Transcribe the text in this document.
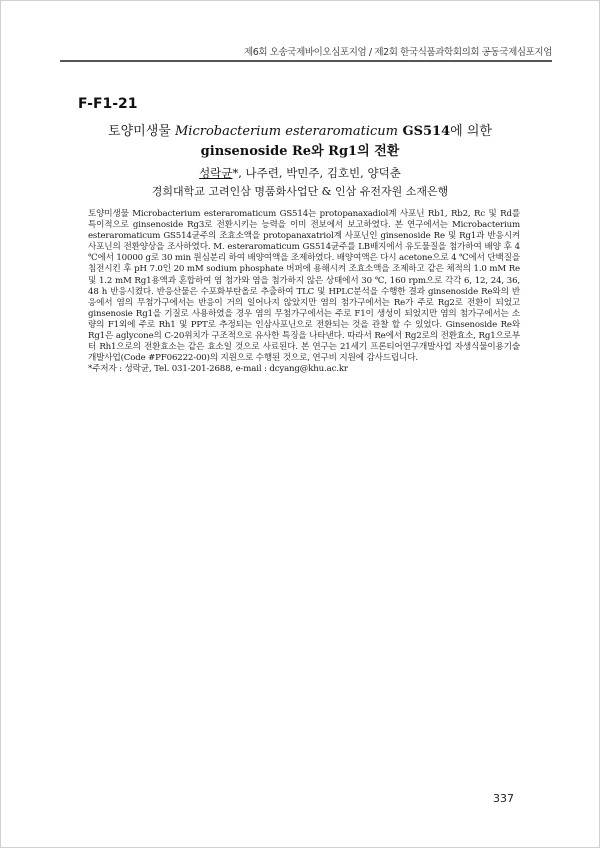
제6회 오송국제바이오심포지엄 / 제2회 한국식품과학회의회 공동국제심포지엄
F-F1-21
토양미생물 Microbacterium esteraromaticum GS514에 의한
ginsenoside Re와 Rg1의 전환
성락균*, 나주련, 박민주, 김호빈, 양덕춘
경희대학교 고려인삼 명품화사업단 & 인삼 유전자원 소재은행

토양미생물 Microbacterium esteraromaticum GS514는 protopanaxadiol계 사포닌 Rb1, Rb2, Rc 및 Rd를 특이적으로 ginsenoside Rg3로 전환시키는 능력을 이미 전보에서 보고하였다. 본 연구에서는 Microbacterium esteraromaticum GS514균주의 조효소액을 protopanaxatriol계 사포닌인 ginsenoside Re 및 Rg1과 반응시켜 사포닌의 전환양상을 조사하였다. M. esteraromaticum GS514균주를 LB배지에서 유도물질을 첨가하여 배양 후 4 ℃에서 10000 g로 30 min 원심분리 하여 배양여액을 조제하였다. 배양여액은 다시 acetone으로 4 ℃에서 단백질을 침전시킨 후 pH 7.0인 20 mM sodium phosphate 버퍼에 용해시켜 조효소액을 조제하고 같은 체적의 1.0 mM Re 및 1.2 mM Rg1용액과 혼합하여 염 첨가와 염을 첨가하지 않은 상태에서 30 ℃, 160 rpm으로 각각 6, 12, 24, 36, 48 h 반응시켰다. 반응산물은 수포화부탄올로 추출하여 TLC 및 HPLC분석을 수행한 결과 ginsenoside Re와의 반응에서 염의 무첨가구에서는 반응이 거의 일어나지 않았지만 염의 첨가구에서는 Re가 주로 Rg2로 전환이 되었고 ginsenosie Rg1을 기질로 사용하였을 경우 염의 무첨가구에서는 주로 F1이 생성이 되었지만 염의 첨가구에서는 소량의 F1외에 주로 Rh1 및 PPT로 추정되는 인삼사포닌으로 전환되는 것을 관찰 할 수 있었다. Ginsenoside Re와 Rg1은 aglycone의 C-20위치가 구조적으로 유사한 특징을 나타낸다. 따라서 Re에서 Rg2로의 전환효소, Rg1으로부터 Rh1으로의 전환효소는 같은 효소일 것으로 사료된다. 본 연구는 21세기 프론티어연구개발사업 자생식물이용기술개발사업(Code #PF06222-00)의 지원으로 수행된 것으로, 연구비 지원에 감사드립니다.

*주저자 : 성락균, Tel. 031-201-2688, e-mail : dcyang@khu.ac.kr

337
